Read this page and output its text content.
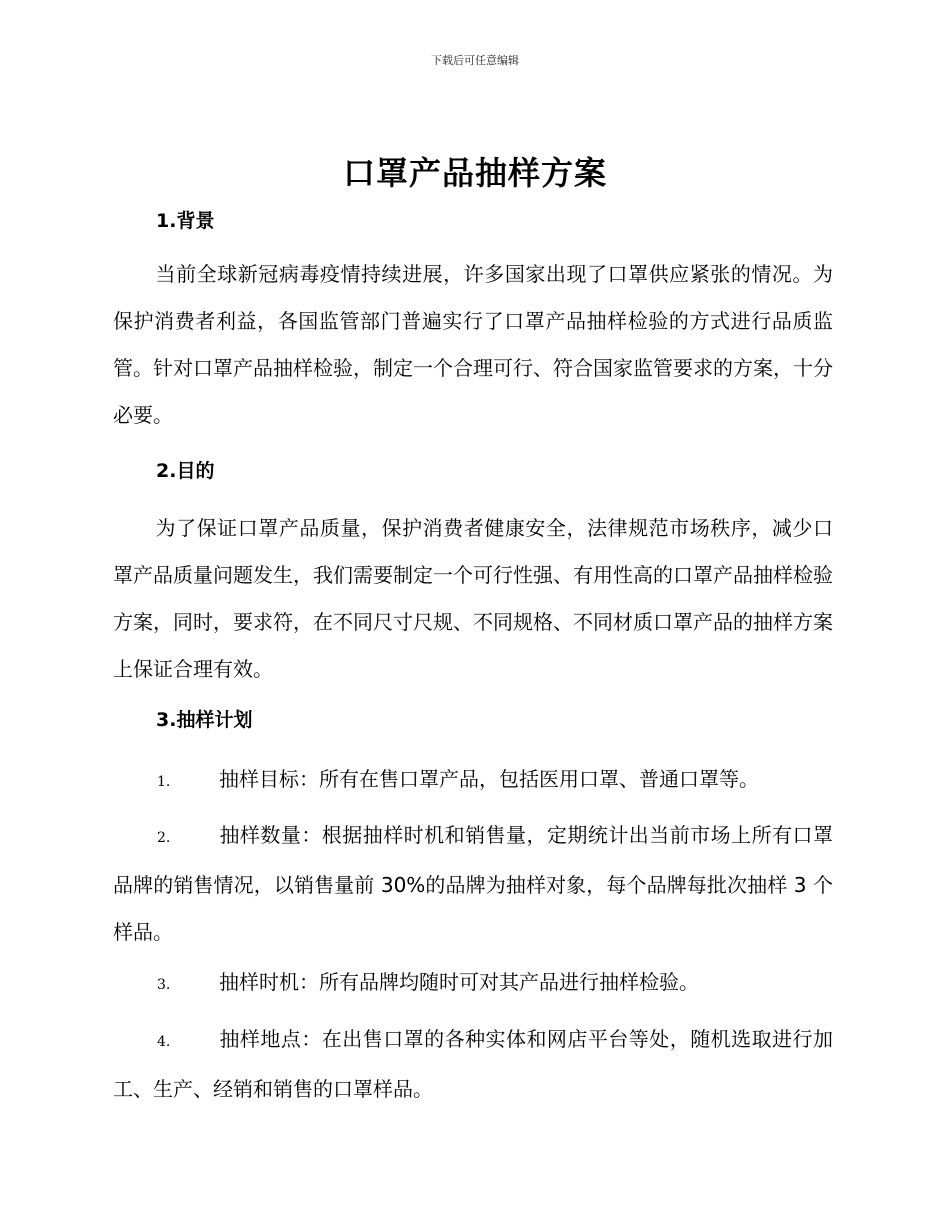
下载后可任意编辑
口罩产品抽样方案
1.背景
当前全球新冠病毒疫情持续进展，许多国家出现了口罩供应紧张的情况。为保护消费者利益，各国监管部门普遍实行了口罩产品抽样检验的方式进行品质监管。针对口罩产品抽样检验，制定一个合理可行、符合国家监管要求的方案，十分必要。
2.目的
为了保证口罩产品质量，保护消费者健康安全，法律规范市场秩序，减少口罩产品质量问题发生，我们需要制定一个可行性强、有用性高的口罩产品抽样检验方案，同时，要求符，在不同尺寸尺规、不同规格、不同材质口罩产品的抽样方案上保证合理有效。
3.抽样计划
1. 抽样目标：所有在售口罩产品，包括医用口罩、普通口罩等。
2. 抽样数量：根据抽样时机和销售量，定期统计出当前市场上所有口罩品牌的销售情况，以销售量前 30%的品牌为抽样对象，每个品牌每批次抽样 3 个样品。
3. 抽样时机：所有品牌均随时可对其产品进行抽样检验。
4. 抽样地点：在出售口罩的各种实体和网店平台等处，随机选取进行加工、生产、经销和销售的口罩样品。
